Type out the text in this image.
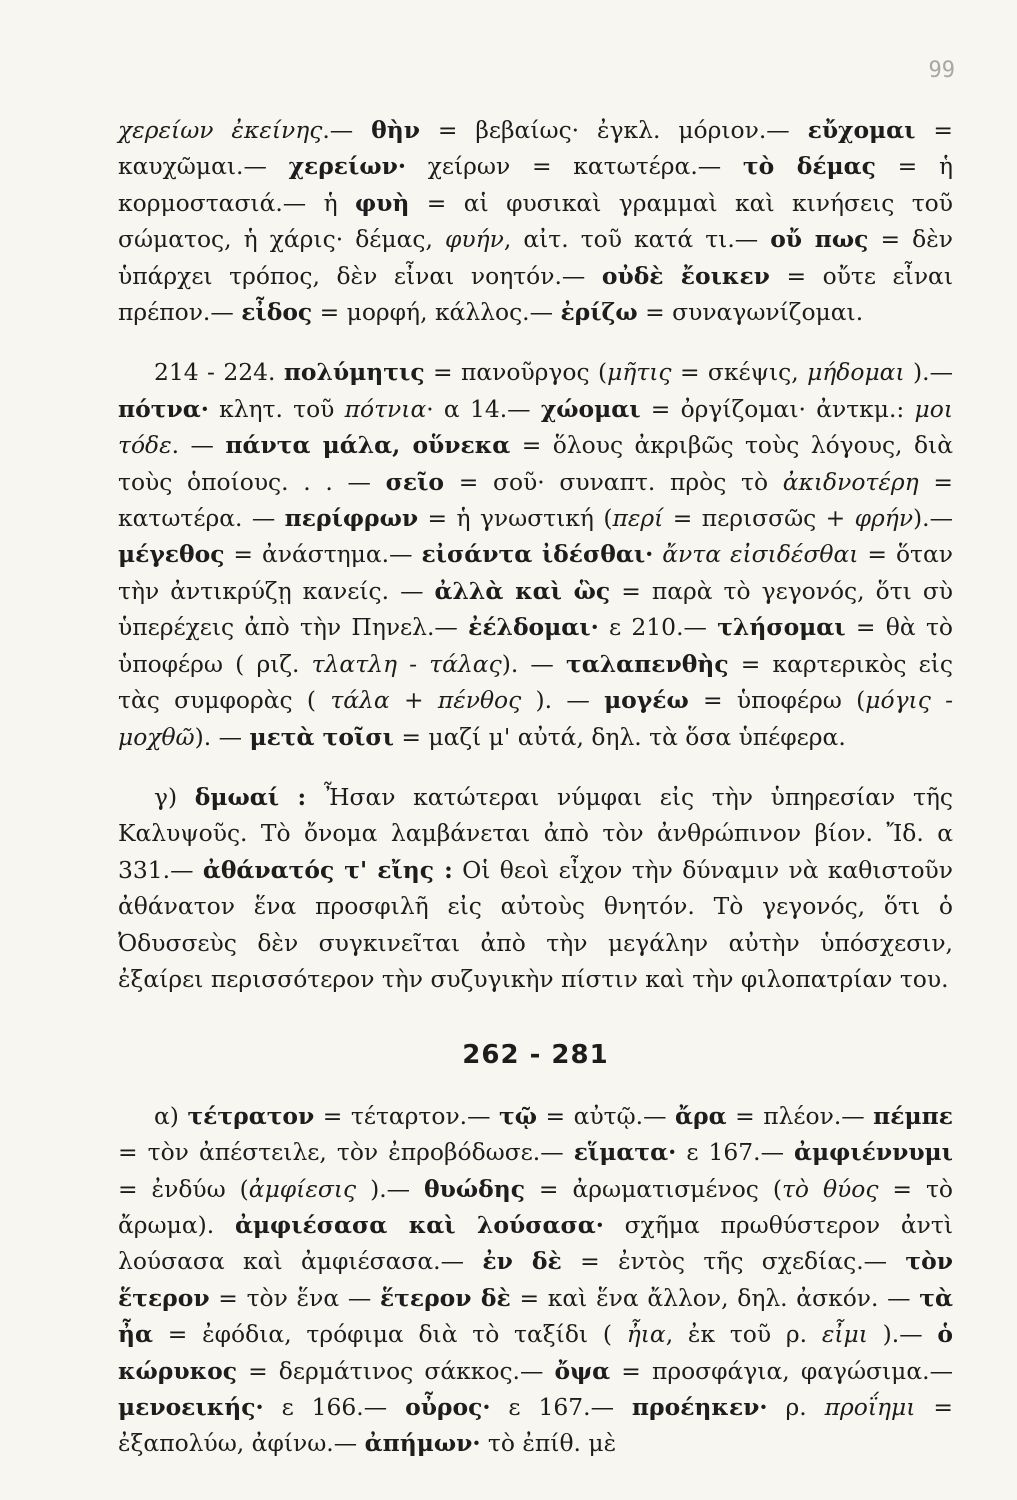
99

χερείων ἐκείνης.— θὴν = βεβαίως· ἐγκλ. μόριον.— εὔχομαι = καυχῶμαι.— χερείων· χείρων = κατωτέρα.— τὸ δέμας = ἡ κορμοστασιά.— ἡ φυὴ = αἱ φυσικαὶ γραμμαὶ καὶ κινήσεις τοῦ σώματος, ἡ χάρις· δέμας, φυήν, αἰτ. τοῦ κατά τι.— οὔ πως = δὲν ὑπάρχει τρόπος, δὲν εἶναι νοητόν.— οὐδὲ ἔοικεν = οὔτε εἶναι πρέπον.— εἶδος = μορφή, κάλλος.— ἐρίζω = συναγωνίζομαι.

214 - 224. πολύμητις = πανοῦργος (μῆτις = σκέψις, μήδομαι ).— πότνα· κλητ. τοῦ πότνια· α 14.— χώομαι = ὀργίζομαι· ἀντκμ.: μοι τόδε. — πάντα μάλα, οὕνεκα = ὅλους ἀκριβῶς τοὺς λόγους, διὰ τοὺς ὁποίους. . . — σεῖο = σοῦ· συναπτ. πρὸς τὸ ἀκιδνοτέρη = κατωτέρα. — περίφρων = ἡ γνωστική (περί = περισσῶς + φρήν).— μέγεθος = ἀνάστημα.— εἰσάντα ἰδέσθαι· ἄντα εἰσιδέσθαι = ὅταν τὴν ἀντικρύζῃ κανείς. — ἀλλὰ καὶ ὣς = παρὰ τὸ γεγονός, ὅτι σὺ ὑπερέχεις ἀπὸ τὴν Πηνελ.— ἐέλδομαι· ε 210.— τλήσομαι = θὰ τὸ ὑποφέρω ( ριζ. τλατλη - τάλας). — ταλαπενθὴς = καρτερικὸς εἰς τὰς συμφορὰς ( τάλα + πένθος ). — μογέω = ὑποφέρω (μόγις - μοχθῶ). — μετὰ τοῖσι = μαζί μ' αὐτά, δηλ. τὰ ὅσα ὑπέφερα.

γ) δμωαί : Ἦσαν κατώτεραι νύμφαι εἰς τὴν ὑπηρεσίαν τῆς Καλυψοῦς. Τὸ ὄνομα λαμβάνεται ἀπὸ τὸν ἀνθρώπινον βίον. Ἴδ. α 331.— ἀθάνατός τ' εἴης : Οἱ θεοὶ εἶχον τὴν δύναμιν νὰ καθιστοῦν ἀθάνατον ἕνα προσφιλῆ εἰς αὐτοὺς θνητόν. Τὸ γεγονός, ὅτι ὁ Ὀδυσσεὺς δὲν συγκινεῖται ἀπὸ τὴν μεγάλην αὐτὴν ὑπόσχεσιν, ἐξαίρει περισσότερον τὴν συζυγικὴν πίστιν καὶ τὴν φιλοπατρίαν του.

262 - 281

α) τέτρατον = τέταρτον.— τῷ = αὐτῷ.— ἄρα = πλέον.— πέμπε = τὸν ἀπέστειλε, τὸν ἐπροβόδωσε.— εἵματα· ε 167.— ἀμφιέννυμι = ἐνδύω (ἀμφίεσις ).— θυώδης = ἀρωματισμένος (τὸ θύος = τὸ ἄρωμα). ἀμφιέσασα καὶ λούσασα· σχῆμα πρωθύστερον ἀντὶ λούσασα καὶ ἀμφιέσασα.— ἐν δὲ = ἐντὸς τῆς σχεδίας.— τὸν ἕτερον = τὸν ἕνα — ἕτερον δὲ = καὶ ἕνα ἄλλον, δηλ. ἀσκόν. — τὰ ἦα = ἐφόδια, τρόφιμα διὰ τὸ ταξίδι ( ἦια, ἐκ τοῦ ρ. εἶμι ).— ὁ κώρυκος = δερμάτινος σάκκος.— ὄψα = προσφάγια, φαγώσιμα.— μενοεικής· ε 166.— οὖρος· ε 167.— προέηκεν· ρ. προΐημι = ἐξαπολύω, ἀφίνω.— ἀπήμων· τὸ ἐπίθ. μὲ
